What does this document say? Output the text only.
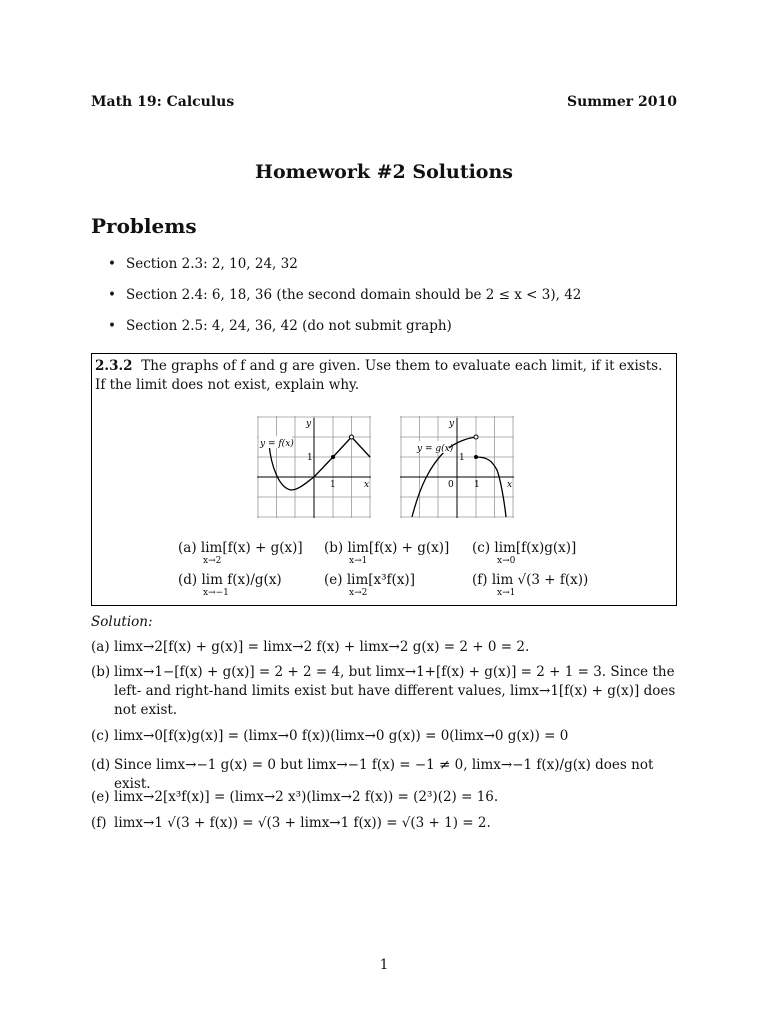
Math 19: Calculus	Summer 2010
Homework #2 Solutions
Problems
• Section 2.3: 2, 10, 24, 32
• Section 2.4: 6, 18, 36 (the second domain should be 2 ≤ x < 3), 42
• Section 2.5: 4, 24, 36, 42 (do not submit graph)
2.3.2 The graphs of f and g are given. Use them to evaluate each limit, if it exists. If the limit does not exist, explain why.
y = f(x)
y
x
1
1
y = g(x)
y
x
1
0 1
(a) lim[f(x) + g(x)]
x→2
(b) lim[f(x) + g(x)]
x→1
(c) lim[f(x)g(x)]
x→0
(d) lim f(x)/g(x)
x→−1
(e) lim[x³f(x)]
x→2
(f) lim √(3 + f(x))
x→1
Solution:
(a) limx→2[f(x) + g(x)] = limx→2 f(x) + limx→2 g(x) = 2 + 0 = 2.
(b) limx→1−[f(x) + g(x)] = 2 + 2 = 4, but limx→1+[f(x) + g(x)] = 2 + 1 = 3. Since the left- and right-hand limits exist but have different values, limx→1[f(x) + g(x)] does not exist.
(c) limx→0[f(x)g(x)] = (limx→0 f(x))(limx→0 g(x)) = 0(limx→0 g(x)) = 0
(d) Since limx→−1 g(x) = 0 but limx→−1 f(x) = −1 ≠ 0, limx→−1 f(x)/g(x) does not exist.
(e) limx→2[x³f(x)] = (limx→2 x³)(limx→2 f(x)) = (2³)(2) = 16.
(f) limx→1 √(3 + f(x)) = √(3 + limx→1 f(x)) = √(3 + 1) = 2.
1
